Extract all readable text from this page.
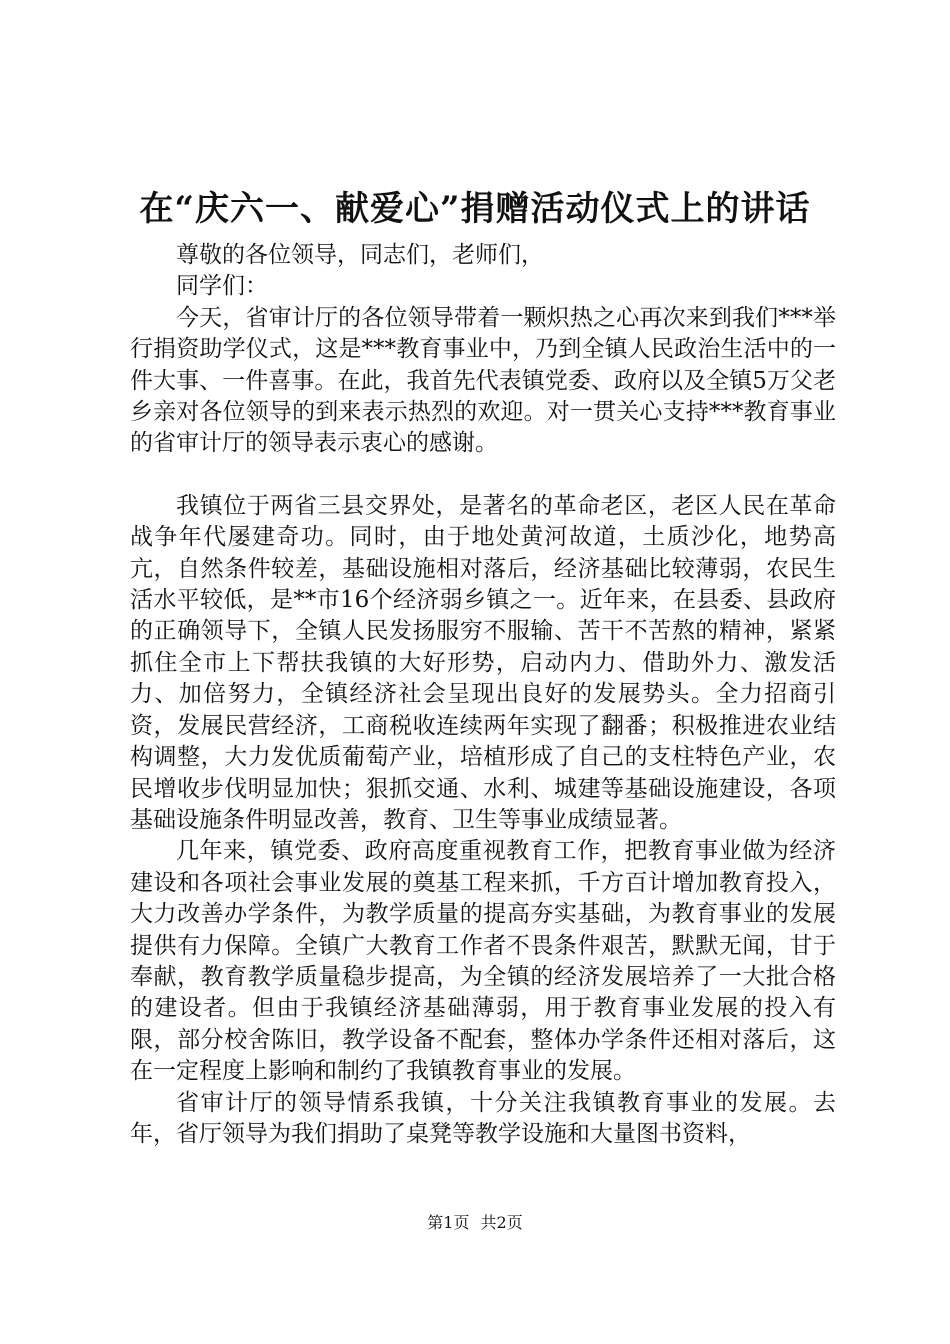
在“庆六一、献爱心”捐赠活动仪式上的讲话

尊敬的各位领导，同志们，老师们，

同学们：

今天，省审计厅的各位领导带着一颗炽热之心再次来到我们***举行捐资助学仪式，这是***教育事业中，乃到全镇人民政治生活中的一件大事、一件喜事。在此，我首先代表镇党委、政府以及全镇5万父老乡亲对各位领导的到来表示热烈的欢迎。对一贯关心支持***教育事业的省审计厅的领导表示衷心的感谢。

我镇位于两省三县交界处，是著名的革命老区，老区人民在革命战争年代屡建奇功。同时，由于地处黄河故道，土质沙化，地势高亢，自然条件较差，基础设施相对落后，经济基础比较薄弱，农民生活水平较低，是**市16个经济弱乡镇之一。近年来，在县委、县政府的正确领导下，全镇人民发扬服穷不服输、苦干不苦熬的精神，紧紧抓住全市上下帮扶我镇的大好形势，启动内力、借助外力、激发活力、加倍努力，全镇经济社会呈现出良好的发展势头。全力招商引资，发展民营经济，工商税收连续两年实现了翻番；积极推进农业结构调整，大力发优质葡萄产业，培植形成了自己的支柱特色产业，农民增收步伐明显加快；狠抓交通、水利、城建等基础设施建设，各项基础设施条件明显改善，教育、卫生等事业成绩显著。

几年来，镇党委、政府高度重视教育工作，把教育事业做为经济建设和各项社会事业发展的奠基工程来抓，千方百计增加教育投入，大力改善办学条件，为教学质量的提高夯实基础，为教育事业的发展提供有力保障。全镇广大教育工作者不畏条件艰苦，默默无闻，甘于奉献，教育教学质量稳步提高，为全镇的经济发展培养了一大批合格的建设者。但由于我镇经济基础薄弱，用于教育事业发展的投入有限，部分校舍陈旧，教学设备不配套，整体办学条件还相对落后，这在一定程度上影响和制约了我镇教育事业的发展。

省审计厅的领导情系我镇，十分关注我镇教育事业的发展。去年，省厅领导为我们捐助了桌凳等教学设施和大量图书资料，

第1页 共2页
